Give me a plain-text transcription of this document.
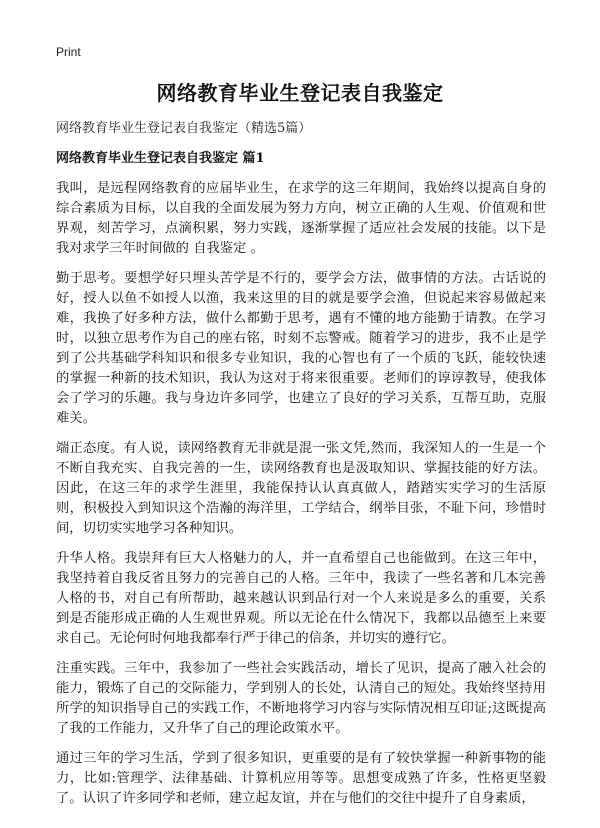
Print
网络教育毕业生登记表自我鉴定
网络教育毕业生登记表自我鉴定（精选5篇）
网络教育毕业生登记表自我鉴定 篇1

我叫，是远程网络教育的应届毕业生，在求学的这三年期间，我始终以提高自身的综合素质为目标，以自我的全面发展为努力方向，树立正确的人生观、价值观和世界观，刻苦学习，点滴积累，努力实践，逐渐掌握了适应社会发展的技能。以下是我对求学三年时间做的 自我鉴定 。

勤于思考。要想学好只埋头苦学是不行的，要学会方法，做事情的方法。古话说的好，授人以鱼不如授人以渔，我来这里的目的就是要学会渔，但说起来容易做起来难，我换了好多种方法，做什么都勤于思考，遇有不懂的地方能勤于请教。在学习时，以独立思考作为自己的座右铭，时刻不忘警戒。随着学习的进步，我不止是学到了公共基础学科知识和很多专业知识，我的心智也有了一个质的飞跃，能较快速的掌握一种新的技术知识，我认为这对于将来很重要。老师们的谆谆教导，使我体会了学习的乐趣。我与身边许多同学，也建立了良好的学习关系，互帮互助，克服难关。

端正态度。有人说，读网络教育无非就是混一张文凭,然而，我深知人的一生是一个不断自我充实、自我完善的一生，读网络教育也是汲取知识、掌握技能的好方法。因此，在这三年的求学生涯里，我能保持认认真真做人，踏踏实实学习的生活原则，积极投入到知识这个浩瀚的海洋里，工学结合，纲举目张，不耻下问，珍惜时间，切切实实地学习各种知识。

升华人格。我崇拜有巨大人格魅力的人，并一直希望自己也能做到。在这三年中，我坚持着自我反省且努力的完善自己的人格。三年中，我读了一些名著和几本完善人格的书，对自己有所帮助，越来越认识到品行对一个人来说是多么的重要，关系到是否能形成正确的人生观世界观。所以无论在什么情况下，我都以品德至上来要求自己。无论何时何地我都奉行严于律己的信条，并切实的遵行它。

注重实践。三年中，我参加了一些社会实践活动，增长了见识，提高了融入社会的能力，锻炼了自己的交际能力，学到别人的长处，认清自己的短处。我始终坚持用所学的知识指导自己的实践工作，不断地将学习内容与实际情况相互印证;这既提高了我的工作能力，又升华了自己的理论政策水平。

通过三年的学习生活，学到了很多知识，更重要的是有了较快掌握一种新事物的能力，比如:管理学、法律基础、计算机应用等等。思想变成熟了许多，性格更坚毅了。认识了许多同学和老师，建立起友谊，并在与他们的交往中提升了自身素质，
